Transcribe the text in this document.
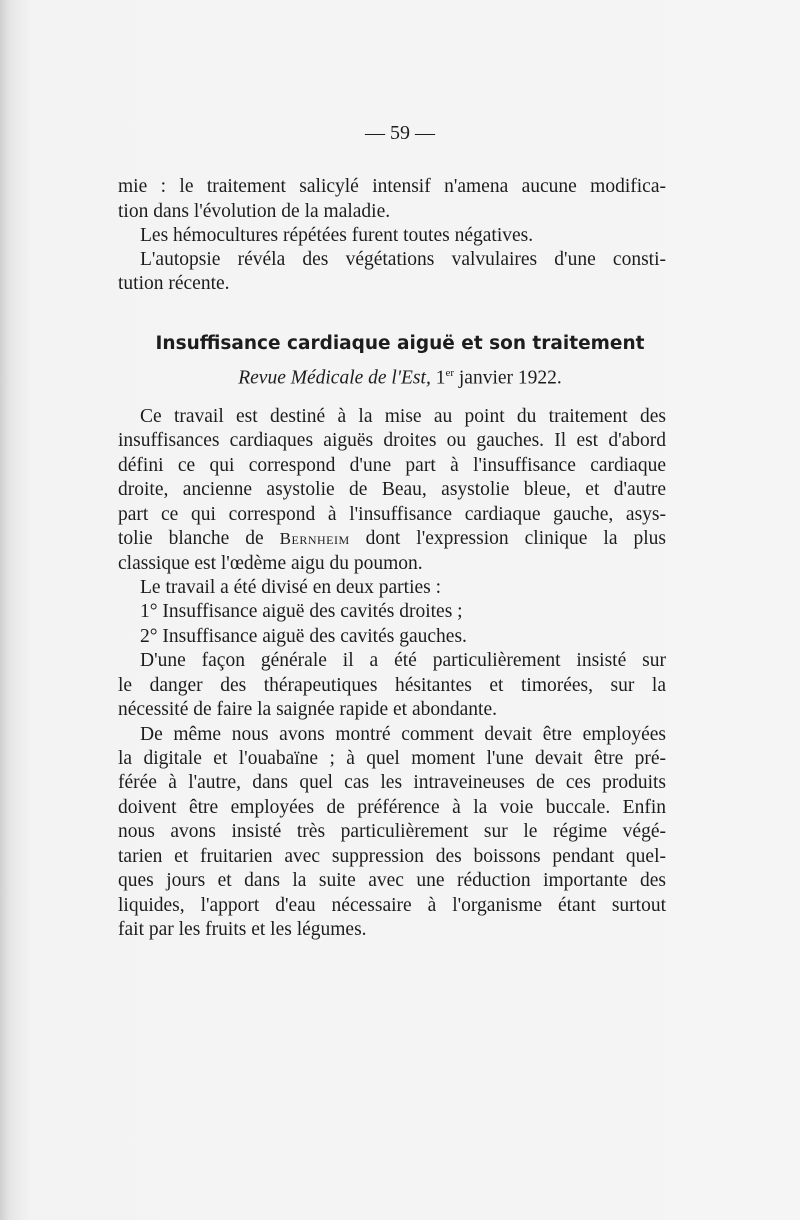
— 59 —
mie : le traitement salicylé intensif n'amena aucune modifica-
tion dans l'évolution de la maladie.
Les hémocultures répétées furent toutes négatives.
L'autopsie révéla des végétations valvulaires d'une consti-
tution récente.
Insuffisance cardiaque aiguë et son traitement
Revue Médicale de l'Est, 1er janvier 1922.
Ce travail est destiné à la mise au point du traitement des
insuffisances cardiaques aiguës droites ou gauches. Il est d'abord
défini ce qui correspond d'une part à l'insuffisance cardiaque
droite, ancienne asystolie de Beau, asystolie bleue, et d'autre
part ce qui correspond à l'insuffisance cardiaque gauche, asys-
tolie blanche de Bernheim dont l'expression clinique la plus
classique est l'œdème aigu du poumon.
Le travail a été divisé en deux parties :
1° Insuffisance aiguë des cavités droites ;
2° Insuffisance aiguë des cavités gauches.
D'une façon générale il a été particulièrement insisté sur
le danger des thérapeutiques hésitantes et timorées, sur la
nécessité de faire la saignée rapide et abondante.
De même nous avons montré comment devait être employées
la digitale et l'ouabaïne ; à quel moment l'une devait être pré-
férée à l'autre, dans quel cas les intraveineuses de ces produits
doivent être employées de préférence à la voie buccale. Enfin
nous avons insisté très particulièrement sur le régime végé-
tarien et fruitarien avec suppression des boissons pendant quel-
ques jours et dans la suite avec une réduction importante des
liquides, l'apport d'eau nécessaire à l'organisme étant surtout
fait par les fruits et les légumes.
